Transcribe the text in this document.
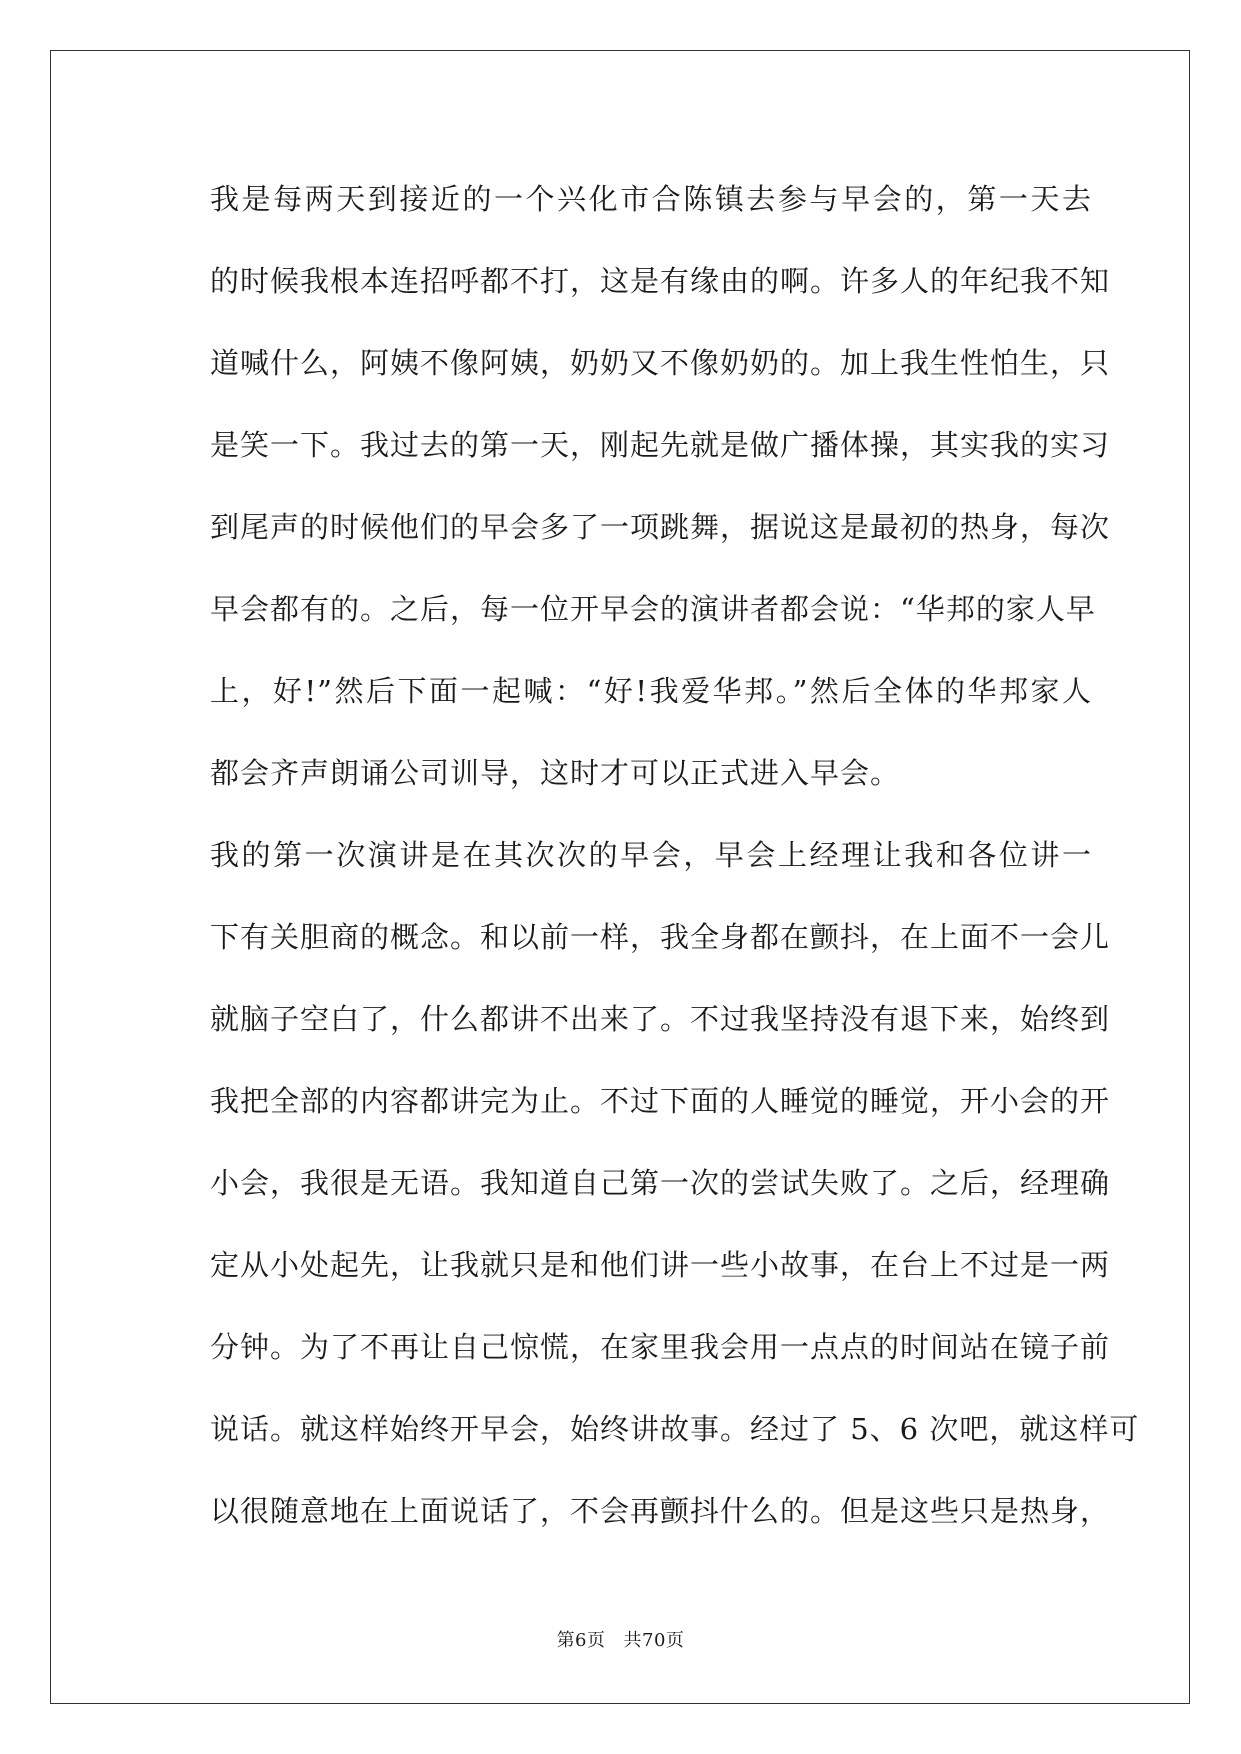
我是每两天到接近的一个兴化市合陈镇去参与早会的，第一天去
的时候我根本连招呼都不打，这是有缘由的啊。许多人的年纪我不知
道喊什么，阿姨不像阿姨，奶奶又不像奶奶的。加上我生性怕生，只
是笑一下。我过去的第一天，刚起先就是做广播体操，其实我的实习
到尾声的时候他们的早会多了一项跳舞，据说这是最初的热身，每次
早会都有的。之后，每一位开早会的演讲者都会说：“华邦的家人早
上，好!”然后下面一起喊：“好!我爱华邦。”然后全体的华邦家人
都会齐声朗诵公司训导，这时才可以正式进入早会。
我的第一次演讲是在其次次的早会，早会上经理让我和各位讲一
下有关胆商的概念。和以前一样，我全身都在颤抖，在上面不一会儿
就脑子空白了，什么都讲不出来了。不过我坚持没有退下来，始终到
我把全部的内容都讲完为止。不过下面的人睡觉的睡觉，开小会的开
小会，我很是无语。我知道自己第一次的尝试失败了。之后，经理确
定从小处起先，让我就只是和他们讲一些小故事，在台上不过是一两
分钟。为了不再让自己惊慌，在家里我会用一点点的时间站在镜子前
说话。就这样始终开早会，始终讲故事。经过了 5、6 次吧，就这样可
以很随意地在上面说话了，不会再颤抖什么的。但是这些只是热身，
第6页 共70页
